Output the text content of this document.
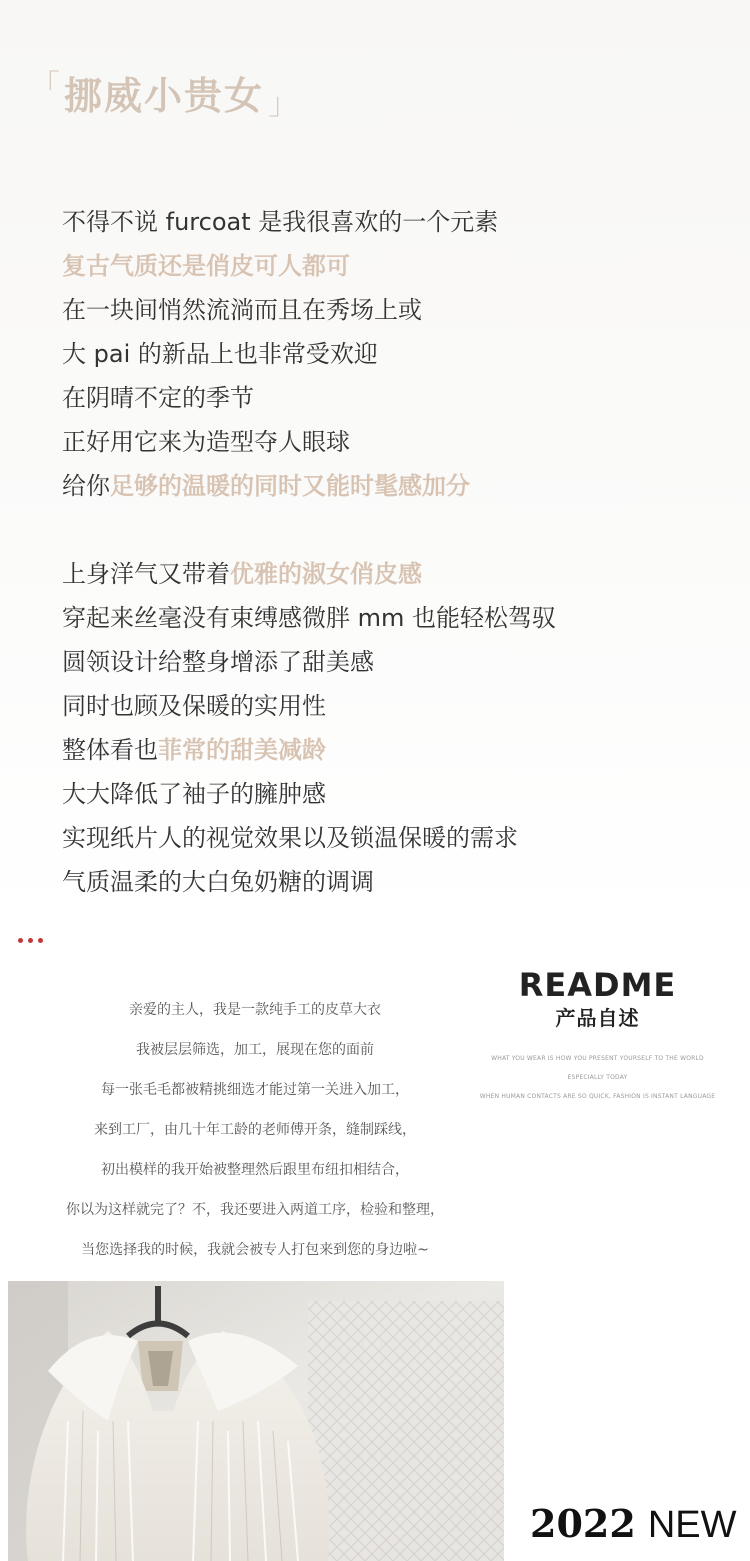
「 挪威小贵女 」
不得不说 furcoat 是我很喜欢的一个元素
复古气质还是俏皮可人都可
在一块间悄然流淌而且在秀场上或
大 pai 的新品上也非常受欢迎
在阴晴不定的季节
正好用它来为造型夺人眼球
给你足够的温暖的同时又能时髦感加分
上身洋气又带着优雅的淑女俏皮感
穿起来丝毫没有束缚感微胖 mm 也能轻松驾驭
圆领设计给整身增添了甜美感
同时也顾及保暖的实用性
整体看也菲常的甜美减龄
大大降低了袖子的臃肿感
实现纸片人的视觉效果以及锁温保暖的需求
气质温柔的大白兔奶糖的调调
亲爱的主人，我是一款纯手工的皮草大衣
我被层层筛选，加工，展现在您的面前
每一张毛毛都被精挑细选才能过第一关进入加工，
来到工厂，由几十年工龄的老师傅开条，缝制踩线，
初出模样的我开始被整理然后跟里布纽扣相结合，
你以为这样就完了？不，我还要进入两道工序，检验和整理，
当您选择我的时候，我就会被专人打包来到您的身边啦~
README
产品自述
WHAT YOU WEAR IS HOW YOU PRESENT YOURSELF TO THE WORLD
ESPECIALLY TODAY
WHEN HUMAN CONTACTS ARE SO QUICK, FASHION IS INSTANT LANGUAGE
2022 NEW
